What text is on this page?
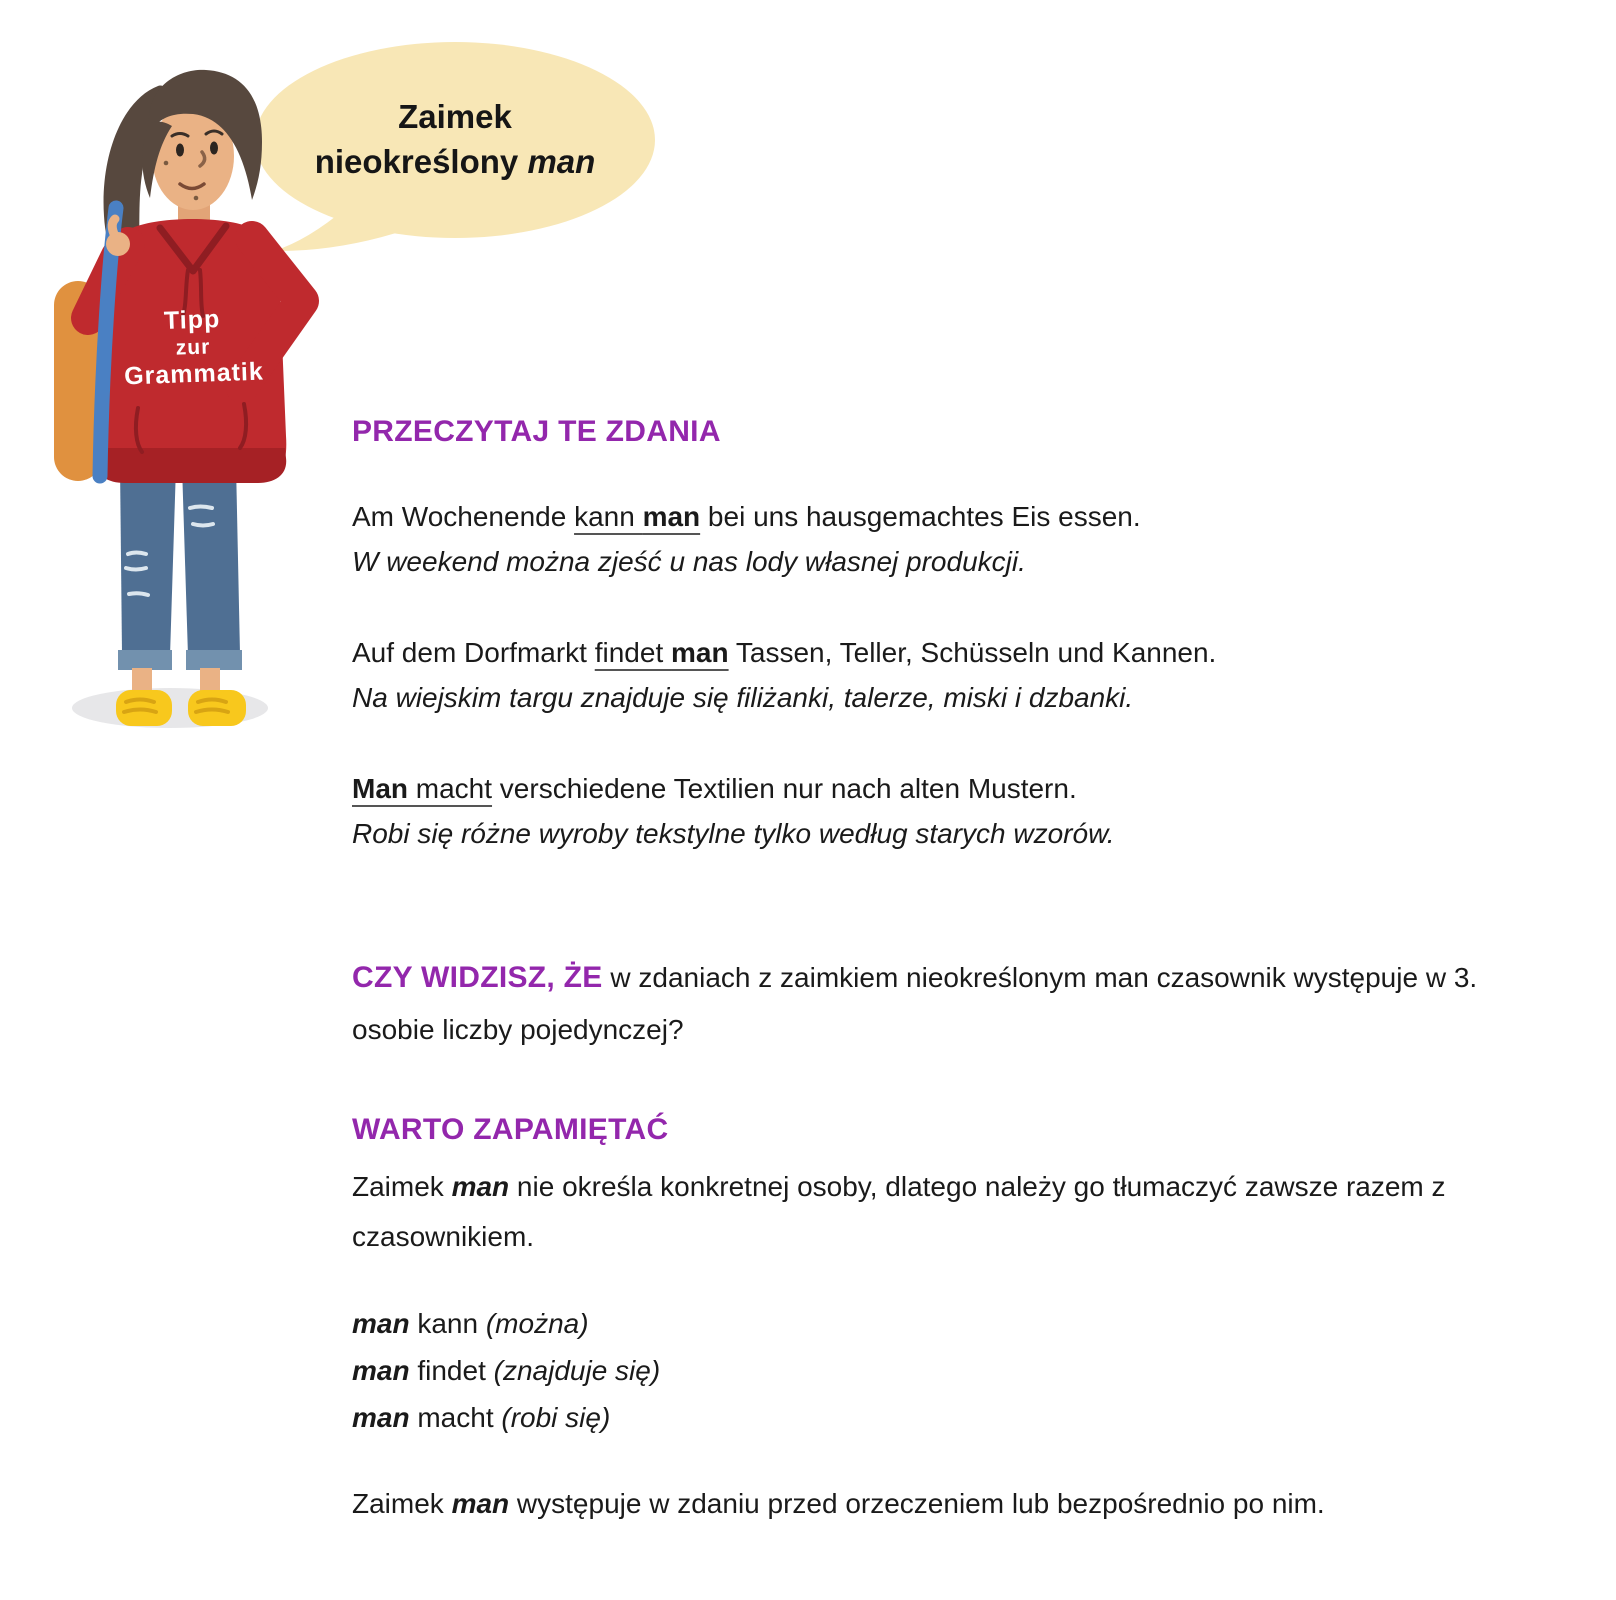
Zaimek
nieokreślony man
Tipp
zur
Grammatik
PRZECZYTAJ TE ZDANIA

Am Wochenende kann man bei uns hausgemachtes Eis essen.

W weekend można zjeść u nas lody własnej produkcji.

Auf dem Dorfmarkt findet man Tassen, Teller, Schüsseln und Kannen.

Na wiejskim targu znajduje się filiżanki, talerze, miski i dzbanki.

Man macht verschiedene Textilien nur nach alten Mustern.

Robi się różne wyroby tekstylne tylko według starych wzorów.

CZY WIDZISZ, ŻE w zdaniach z zaimkiem nieokreślonym man czasownik występuje w 3. osobie liczby pojedynczej?

WARTO ZAPAMIĘTAĆ

Zaimek man nie określa konkretnej osoby, dlatego należy go tłumaczyć zawsze razem z czasownikiem.

man kann (można)

man findet (znajduje się)

man macht (robi się)

Zaimek man występuje w zdaniu przed orzeczeniem lub bezpośrednio po nim.
